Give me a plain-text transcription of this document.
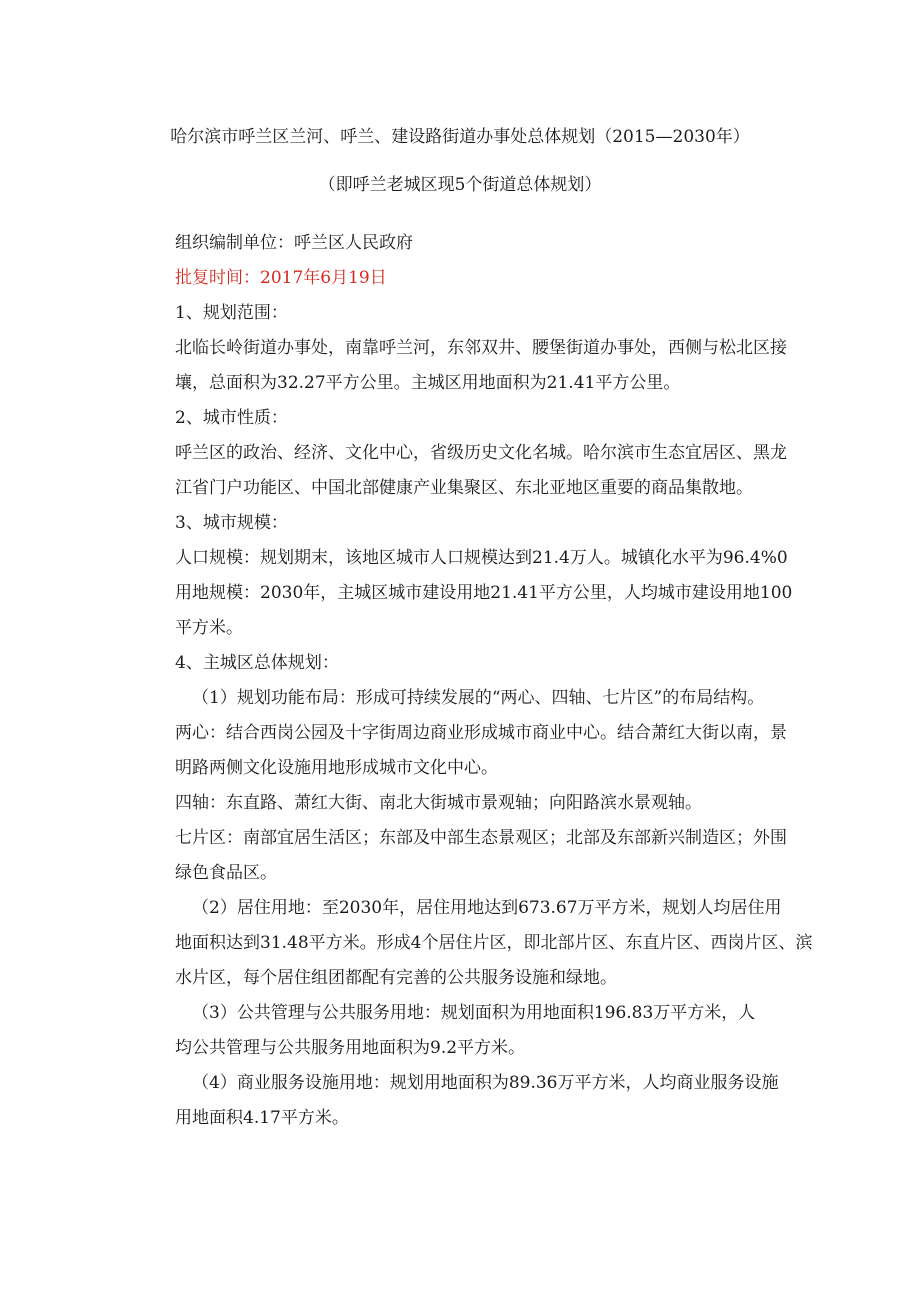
哈尔滨市呼兰区兰河、呼兰、建设路街道办事处总体规划（2015—2030年）
（即呼兰老城区现5个街道总体规划）
组织编制单位：呼兰区人民政府
批复时间：2017年6月19日
1、规划范围：
北临长岭街道办事处，南靠呼兰河，东邻双井、腰堡街道办事处，西侧与松北区接
壤，总面积为32.27平方公里。主城区用地面积为21.41平方公里。
2、城市性质：
呼兰区的政治、经济、文化中心，省级历史文化名城。哈尔滨市生态宜居区、黑龙
江省门户功能区、中国北部健康产业集聚区、东北亚地区重要的商品集散地。
3、城市规模：
人口规模：规划期末，该地区城市人口规模达到21.4万人。城镇化水平为96.4%0
用地规模：2030年，主城区城市建设用地21.41平方公里，人均城市建设用地100
平方米。
4、主城区总体规划：
（1）规划功能布局：形成可持续发展的“两心、四轴、七片区”的布局结构。
两心：结合西岗公园及十字街周边商业形成城市商业中心。结合萧红大街以南，景
明路两侧文化设施用地形成城市文化中心。
四轴：东直路、萧红大街、南北大街城市景观轴；向阳路滨水景观轴。
七片区：南部宜居生活区；东部及中部生态景观区；北部及东部新兴制造区；外围
绿色食品区。
（2）居住用地：至2030年，居住用地达到673.67万平方米，规划人均居住用
地面积达到31.48平方米。形成4个居住片区，即北部片区、东直片区、西岗片区、滨
水片区，每个居住组团都配有完善的公共服务设施和绿地。
（3）公共管理与公共服务用地：规划面积为用地面积196.83万平方米，人
均公共管理与公共服务用地面积为9.2平方米。
（4）商业服务设施用地：规划用地面积为89.36万平方米，人均商业服务设施
用地面积4.17平方米。
